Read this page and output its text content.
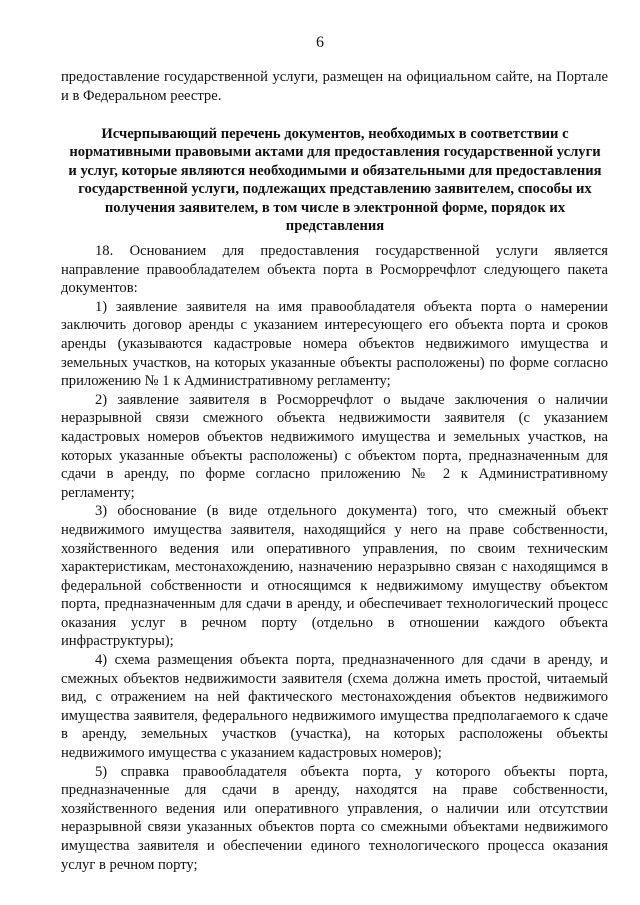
6
предоставление государственной услуги, размещен на официальном сайте, на Портале и в Федеральном реестре.
Исчерпывающий перечень документов, необходимых в соответствии с нормативными правовыми актами для предоставления государственной услуги и услуг, которые являются необходимыми и обязательными для предоставления государственной услуги, подлежащих представлению заявителем, способы их получения заявителем, в том числе в электронной форме, порядок их представления

18. Основанием для предоставления государственной услуги является направление правообладателем объекта порта в Росморречфлот следующего пакета документов:

1) заявление заявителя на имя правообладателя объекта порта о намерении заключить договор аренды с указанием интересующего его объекта порта и сроков аренды (указываются кадастровые номера объектов недвижимого имущества и земельных участков, на которых указанные объекты расположены) по форме согласно приложению № 1 к Административному регламенту;

2) заявление заявителя в Росморречфлот о выдаче заключения о наличии неразрывной связи смежного объекта недвижимости заявителя (с указанием кадастровых номеров объектов недвижимого имущества и земельных участков, на которых указанные объекты расположены) с объектом порта, предназначенным для сдачи в аренду, по форме согласно приложению № 2 к Административному регламенту;

3) обоснование (в виде отдельного документа) того, что смежный объект недвижимого имущества заявителя, находящийся у него на праве собственности, хозяйственного ведения или оперативного управления, по своим техническим характеристикам, местонахождению, назначению неразрывно связан с находящимся в федеральной собственности и относящимся к недвижимому имуществу объектом порта, предназначенным для сдачи в аренду, и обеспечивает технологический процесс оказания услуг в речном порту (отдельно в отношении каждого объекта инфраструктуры);

4) схема размещения объекта порта, предназначенного для сдачи в аренду, и смежных объектов недвижимости заявителя (схема должна иметь простой, читаемый вид, с отражением на ней фактического местонахождения объектов недвижимого имущества заявителя, федерального недвижимого имущества предполагаемого к сдаче в аренду, земельных участков (участка), на которых расположены объекты недвижимого имущества с указанием кадастровых номеров);

5) справка правообладателя объекта порта, у которого объекты порта, предназначенные для сдачи в аренду, находятся на праве собственности, хозяйственного ведения или оперативного управления, о наличии или отсутствии неразрывной связи указанных объектов порта со смежными объектами недвижимого имущества заявителя и обеспечении единого технологического процесса оказания услуг в речном порту;
